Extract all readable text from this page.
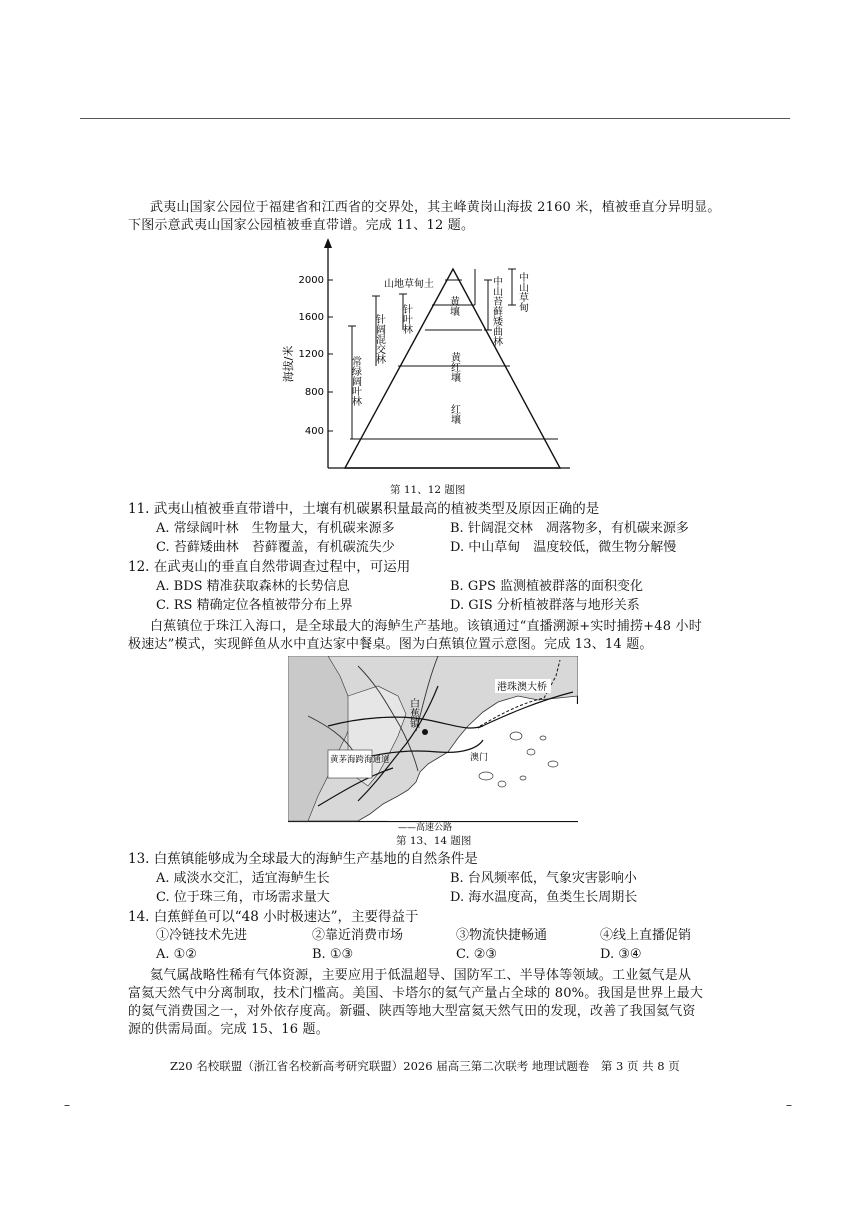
武夷山国家公园位于福建省和江西省的交界处，其主峰黄岗山海拔 2160 米，植被垂直分异明显。
下图示意武夷山国家公园植被垂直带谱。完成 11、12 题。
海拔/米
400
800
1200
1600
2000	山地草甸土
针叶林
针阔混交林
常绿阔叶林
黄壤
黄红壤
红壤
中山苔藓矮曲林 中山草甸
第 11、12 题图
11. 武夷山植被垂直带谱中，土壤有机碳累积量最高的植被类型及原因正确的是
A. 常绿阔叶林　生物量大，有机碳来源多	B. 针阔混交林　凋落物多，有机碳来源多
C. 苔藓矮曲林　苔藓覆盖，有机碳流失少	D. 中山草甸　温度较低，微生物分解慢
12. 在武夷山的垂直自然带调查过程中，可运用
A. BDS 精准获取森林的长势信息	B. GPS 监测植被群落的面积变化
C. RS 精确定位各植被带分布上界	D. GIS 分析植被群落与地形关系
白蕉镇位于珠江入海口，是全球最大的海鲈生产基地。该镇通过“直播溯源+实时捕捞+48 小时
极速达”模式，实现鲜鱼从水中直达家中餐桌。图为白蕉镇位置示意图。完成 13、14 题。
港珠澳大桥
白蕉镇
澳门
黄茅海跨海通道
——高速公路
第 13、14 题图
13. 白蕉镇能够成为全球最大的海鲈生产基地的自然条件是
A. 咸淡水交汇，适宜海鲈生长	B. 台风频率低，气象灾害影响小
C. 位于珠三角，市场需求量大	D. 海水温度高，鱼类生长周期长
14. 白蕉鲜鱼可以“48 小时极速达”，主要得益于
①冷链技术先进	②靠近消费市场	③物流快捷畅通	④线上直播促销
A. ①②	B. ①③	C. ②③	D. ③④
氦气属战略性稀有气体资源，主要应用于低温超导、国防军工、半导体等领域。工业氦气是从
富氦天然气中分离制取，技术门槛高。美国、卡塔尔的氦气产量占全球的 80%。我国是世界上最大
的氦气消费国之一，对外依存度高。新疆、陕西等地大型富氦天然气田的发现，改善了我国氦气资
源的供需局面。完成 15、16 题。
Z20 名校联盟（浙江省名校新高考研究联盟）2026 届高三第二次联考 地理试题卷　第 3 页 共 8 页
–	–
